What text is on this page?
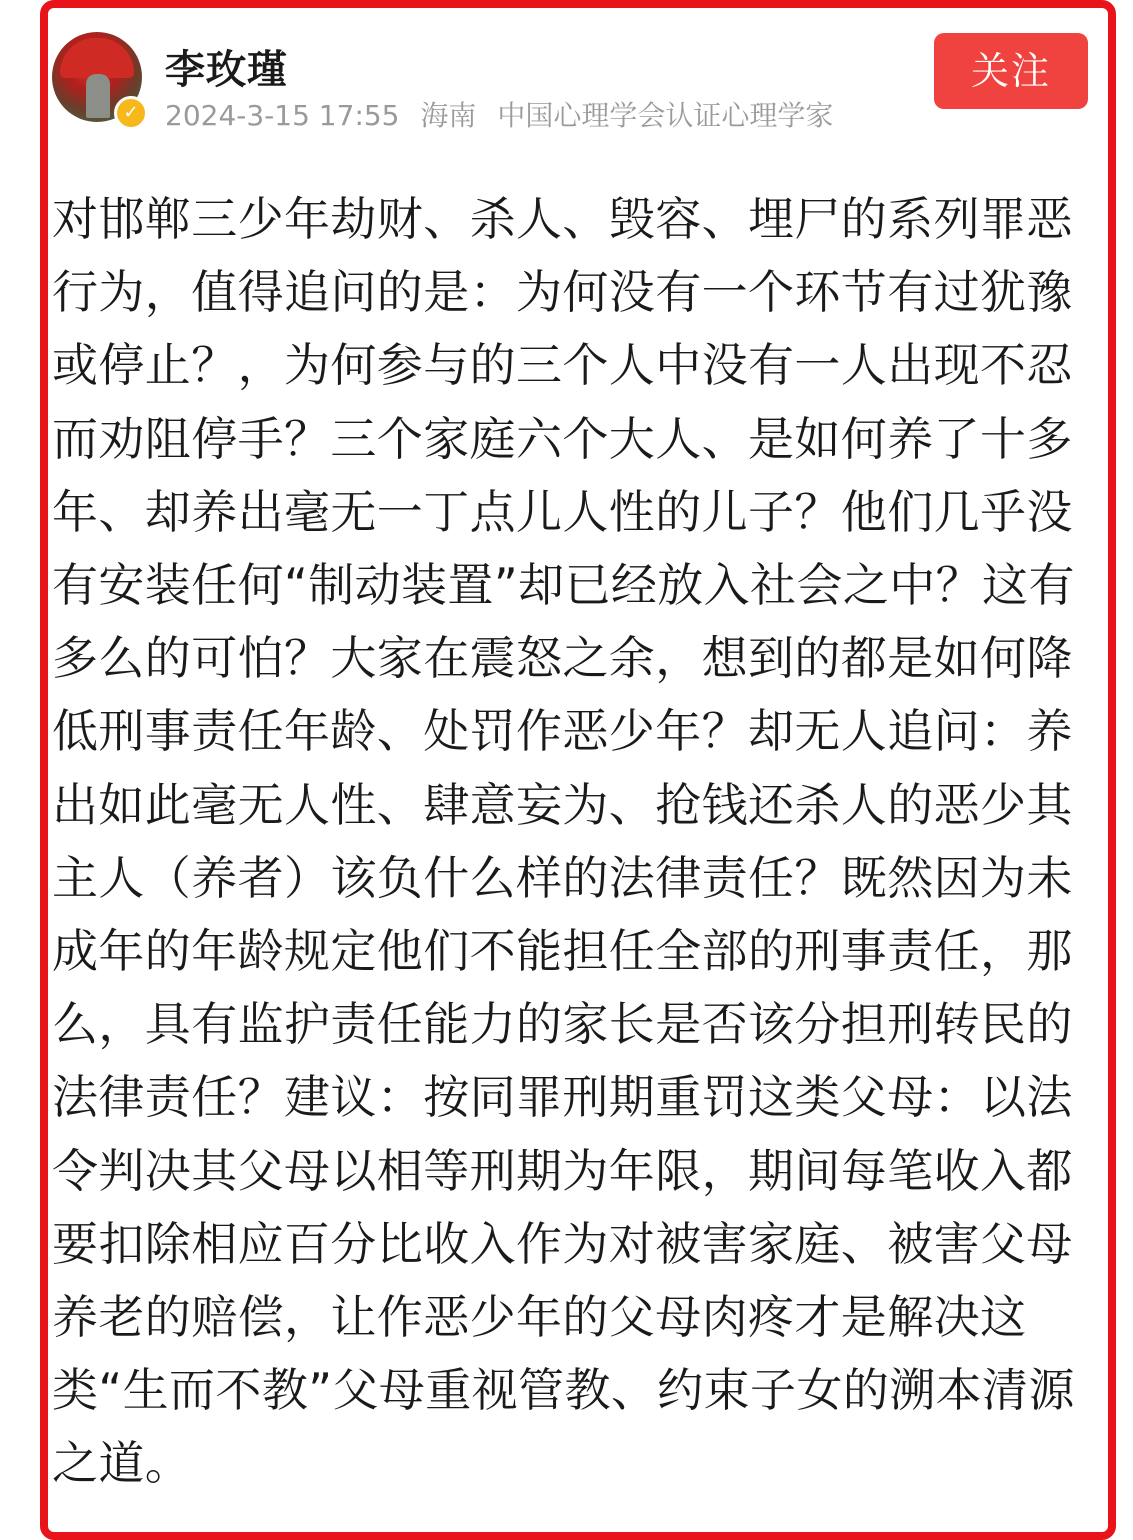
✓
李玫瑾
2024-3-15 17:55 海南 中国心理学会认证心理学家
关注

对邯郸三少年劫财、杀人、毁容、埋尸的系列罪恶行为，值得追问的是：为何没有一个环节有过犹豫或停止？，为何参与的三个人中没有一人出现不忍而劝阻停手？三个家庭六个大人、是如何养了十多年、却养出毫无一丁点儿人性的儿子？他们几乎没有安装任何“制动装置”却已经放入社会之中？这有多么的可怕？大家在震怒之余，想到的都是如何降低刑事责任年龄、处罚作恶少年？却无人追问：养出如此毫无人性、肆意妄为、抢钱还杀人的恶少其主人（养者）该负什么样的法律责任？既然因为未成年的年龄规定他们不能担任全部的刑事责任，那么，具有监护责任能力的家长是否该分担刑转民的法律责任？建议：按同罪刑期重罚这类父母：以法令判决其父母以相等刑期为年限，期间每笔收入都要扣除相应百分比收入作为对被害家庭、被害父母养老的赔偿，让作恶少年的父母肉疼才是解决这类“生而不教”父母重视管教、约束子女的溯本清源之道。
